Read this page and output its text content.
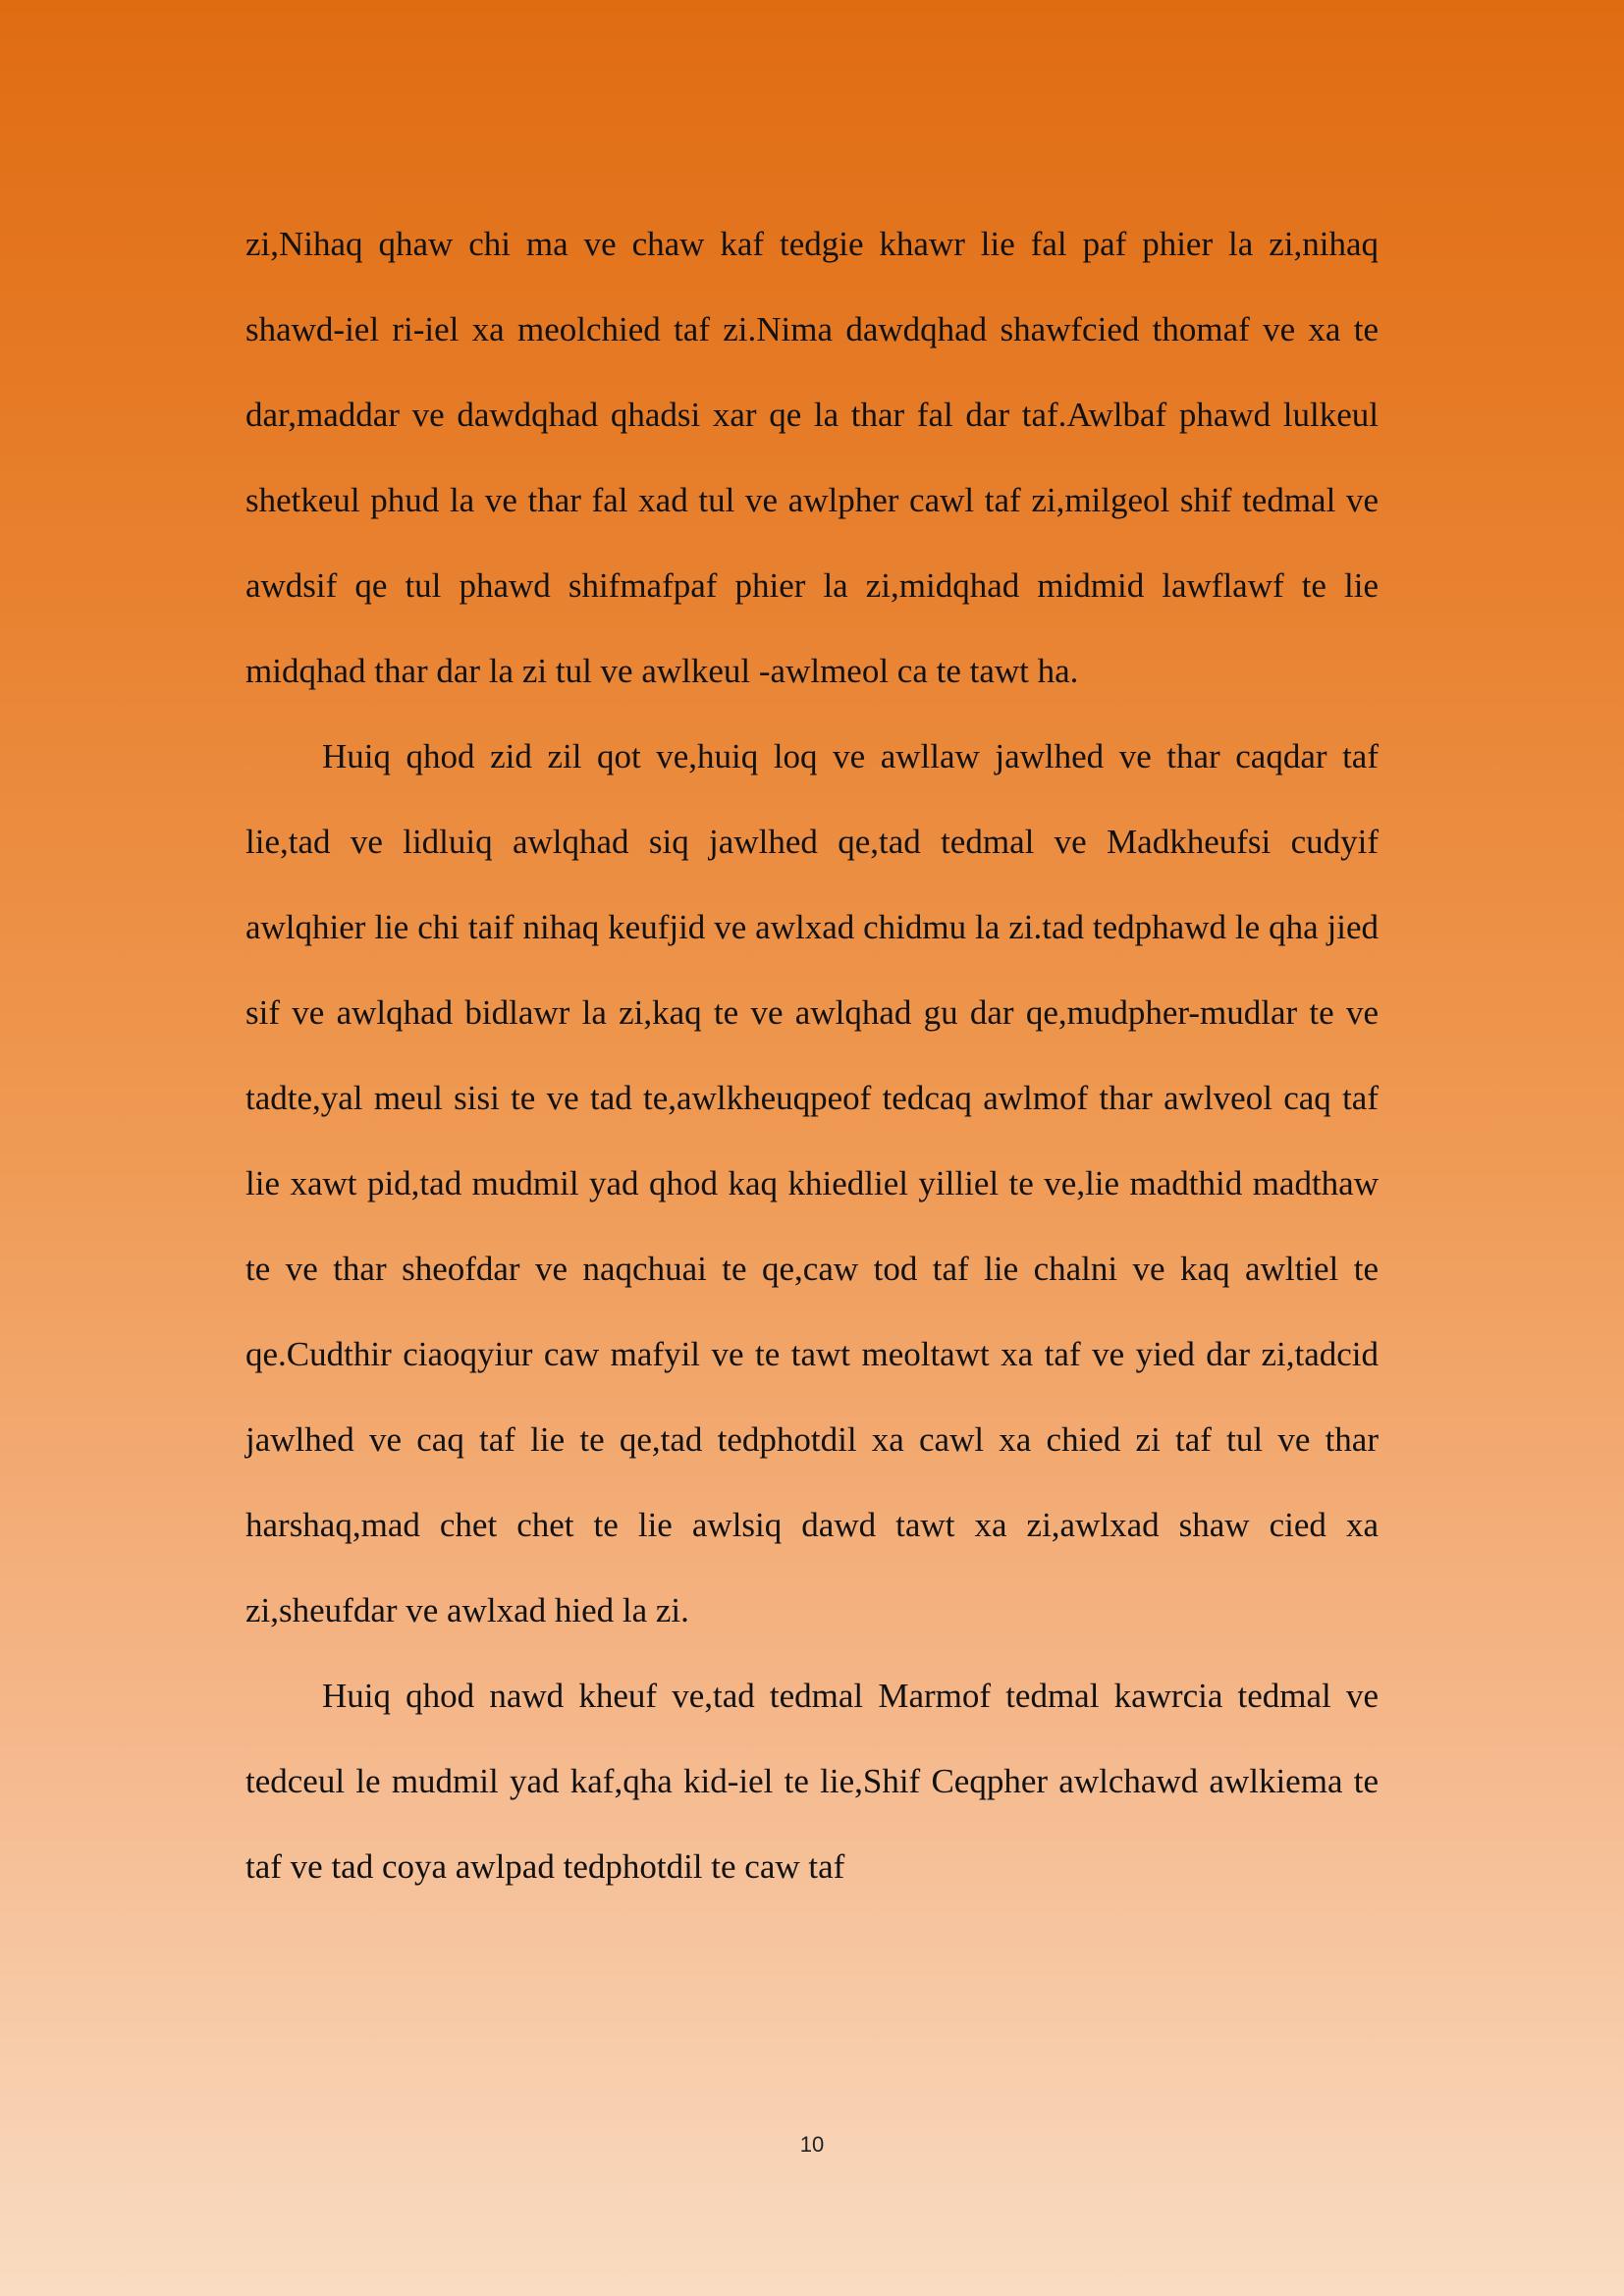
zi,Nihaq qhaw chi ma ve chaw kaf tedgie khawr lie fal paf phier la zi,nihaq shawd-iel ri-iel xa meolchied taf zi.Nima dawdqhad shawfcied thomaf ve xa te dar,maddar ve dawdqhad qhadsi xar qe la thar fal dar taf.Awlbaf phawd lulkeul shetkeul phud la ve thar fal xad tul ve awlpher cawl taf zi,milgeol shif tedmal ve awdsif qe tul phawd shifmafpaf phier la zi,midqhad midmid lawflawf te lie midqhad thar dar la zi tul ve awlkeul -awlmeol ca te tawt ha.

Huiq qhod zid zil qot ve,huiq loq ve awllaw jawlhed ve thar caqdar taf lie,tad ve lidluiq awlqhad siq jawlhed qe,tad tedmal ve Madkheufsi cudyif awlqhier lie chi taif nihaq keufjid ve awlxad chidmu la zi.tad tedphawd le qha jied sif ve awlqhad bidlawr la zi,kaq te ve awlqhad gu dar qe,mudpher-mudlar te ve tadte,yal meul sisi te ve tad te,awlkheuqpeof tedcaq awlmof thar awlveol caq taf lie xawt pid,tad mudmil yad qhod kaq khiedliel yilliel te ve,lie madthid madthaw te ve thar sheofdar ve naqchuai te qe,caw tod taf lie chalni ve kaq awltiel te qe.Cudthir ciaoqyiur caw mafyil ve te tawt meoltawt xa taf ve yied dar zi,tadcid jawlhed ve caq taf lie te qe,tad tedphotdil xa cawl xa chied zi taf tul ve thar harshaq,mad chet chet te lie awlsiq dawd tawt xa zi,awlxad shaw cied xa zi,sheufdar ve awlxad hied la zi.

Huiq qhod nawd kheuf ve,tad tedmal Marmof tedmal kawrcia tedmal ve tedceul le mudmil yad kaf,qha kid-iel te lie,Shif Ceqpher awlchawd awlkiema te taf ve tad coya awlpad tedphotdil te caw taf

10
